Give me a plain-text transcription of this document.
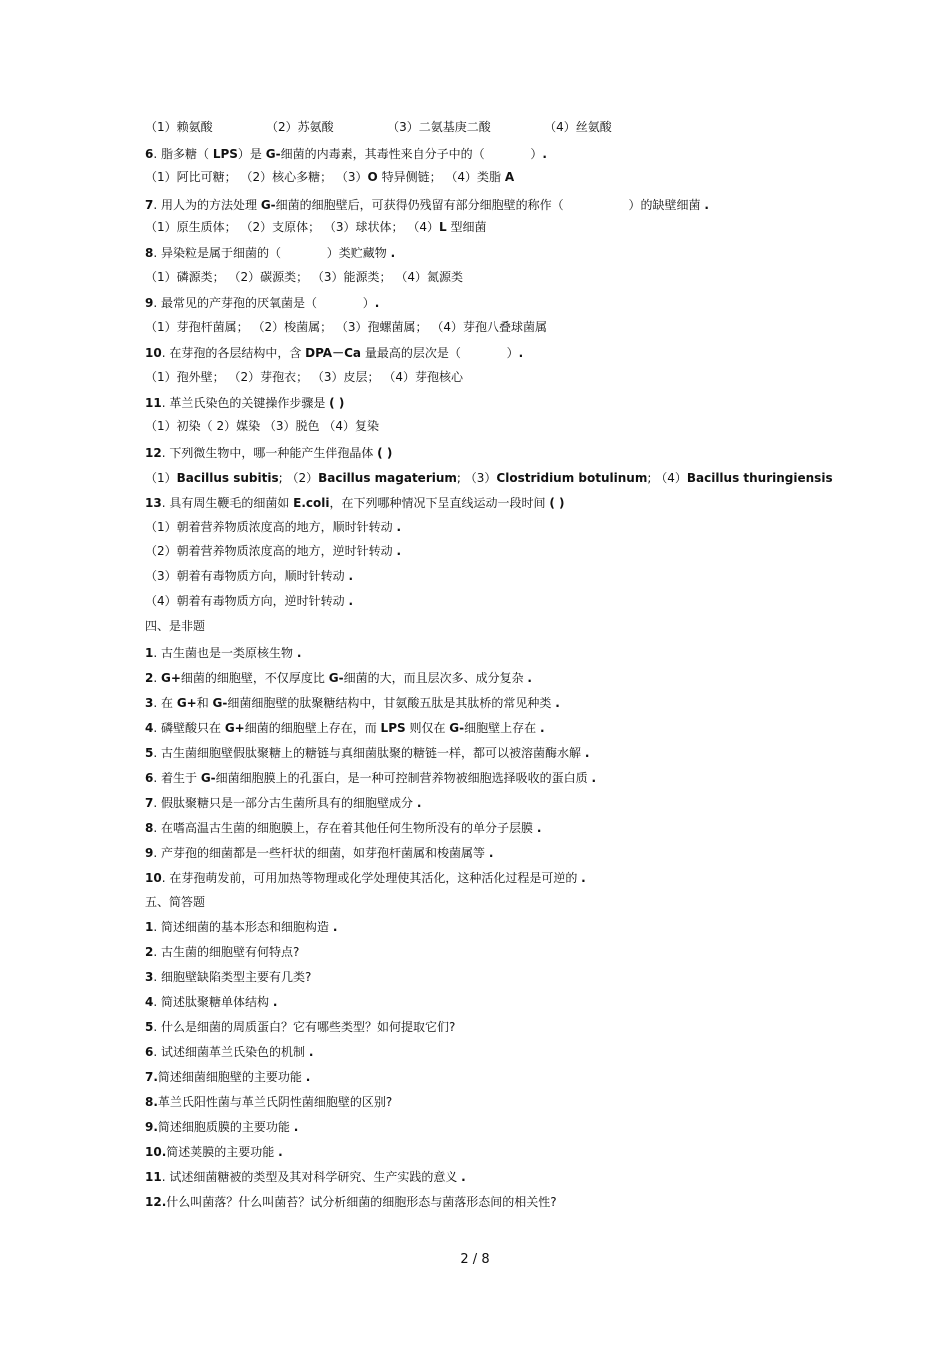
（1）赖氨酸              （2）苏氨酸              （3）二氨基庚二酸              （4）丝氨酸
6. 脂多糖（ LPS）是 G-细菌的内毒素，其毒性来自分子中的（            ）.
（1）阿比可糖； （2）核心多糖； （3）O 特异侧链； （4）类脂 A
7. 用人为的方法处理 G-细菌的细胞壁后，可获得仍残留有部分细胞壁的称作（                 ）的缺壁细菌 .
（1）原生质体； （2）支原体； （3）球状体； （4）L 型细菌
8. 异染粒是属于细菌的（            ）类贮藏物 .
（1）磷源类； （2）碳源类； （3）能源类； （4）氮源类
9. 最常见的产芽孢的厌氧菌是（            ）.
（1）芽孢杆菌属； （2）梭菌属； （3）孢螺菌属； （4）芽孢八叠球菌属
10. 在芽孢的各层结构中，含 DPA－Ca 量最高的层次是（            ）.
（1）孢外壁； （2）芽孢衣； （3）皮层； （4）芽孢核心
11. 革兰氏染色的关键操作步骤是 ( )
（1）初染（ 2）媒染 （3）脱色 （4）复染
12. 下列微生物中，哪一种能产生伴孢晶体 ( )
（1）Bacillus subitis; （2）Bacillus magaterium; （3）Clostridium botulinum; （4）Bacillus thuringiensis
13. 具有周生鞭毛的细菌如 E.coli，在下列哪种情况下呈直线运动一段时间 ( )
（1）朝着营养物质浓度高的地方，顺时针转动 .
（2）朝着营养物质浓度高的地方，逆时针转动 .
（3）朝着有毒物质方向，顺时针转动 .
（4）朝着有毒物质方向，逆时针转动 .
四、是非题
1. 古生菌也是一类原核生物 .
2. G+细菌的细胞壁，不仅厚度比 G-细菌的大，而且层次多、成分复杂 .
3. 在 G+和 G-细菌细胞壁的肽聚糖结构中，甘氨酸五肽是其肽桥的常见种类 .
4. 磷壁酸只在 G+细菌的细胞壁上存在，而 LPS 则仅在 G-细胞壁上存在 .
5. 古生菌细胞壁假肽聚糖上的糖链与真细菌肽聚的糖链一样，都可以被溶菌酶水解 .
6. 着生于 G-细菌细胞膜上的孔蛋白，是一种可控制营养物被细胞选择吸收的蛋白质 .
7. 假肽聚糖只是一部分古生菌所具有的细胞壁成分 .
8. 在嗜高温古生菌的细胞膜上，存在着其他任何生物所没有的单分子层膜 .
9. 产芽孢的细菌都是一些杆状的细菌，如芽孢杆菌属和梭菌属等 .
10. 在芽孢萌发前，可用加热等物理或化学处理使其活化，这种活化过程是可逆的 .
五、简答题
1. 简述细菌的基本形态和细胞构造 .
2. 古生菌的细胞壁有何特点?
3. 细胞壁缺陷类型主要有几类?
4. 简述肽聚糖单体结构 .
5. 什么是细菌的周质蛋白？它有哪些类型？如何提取它们?
6. 试述细菌革兰氏染色的机制 .
7.简述细菌细胞壁的主要功能 .
8.革兰氏阳性菌与革兰氏阴性菌细胞壁的区别?
9.简述细胞质膜的主要功能 .
10.简述荚膜的主要功能 .
11. 试述细菌糖被的类型及其对科学研究、生产实践的意义 .
12.什么叫菌落？什么叫菌苔？试分析细菌的细胞形态与菌落形态间的相关性?
2 / 8
